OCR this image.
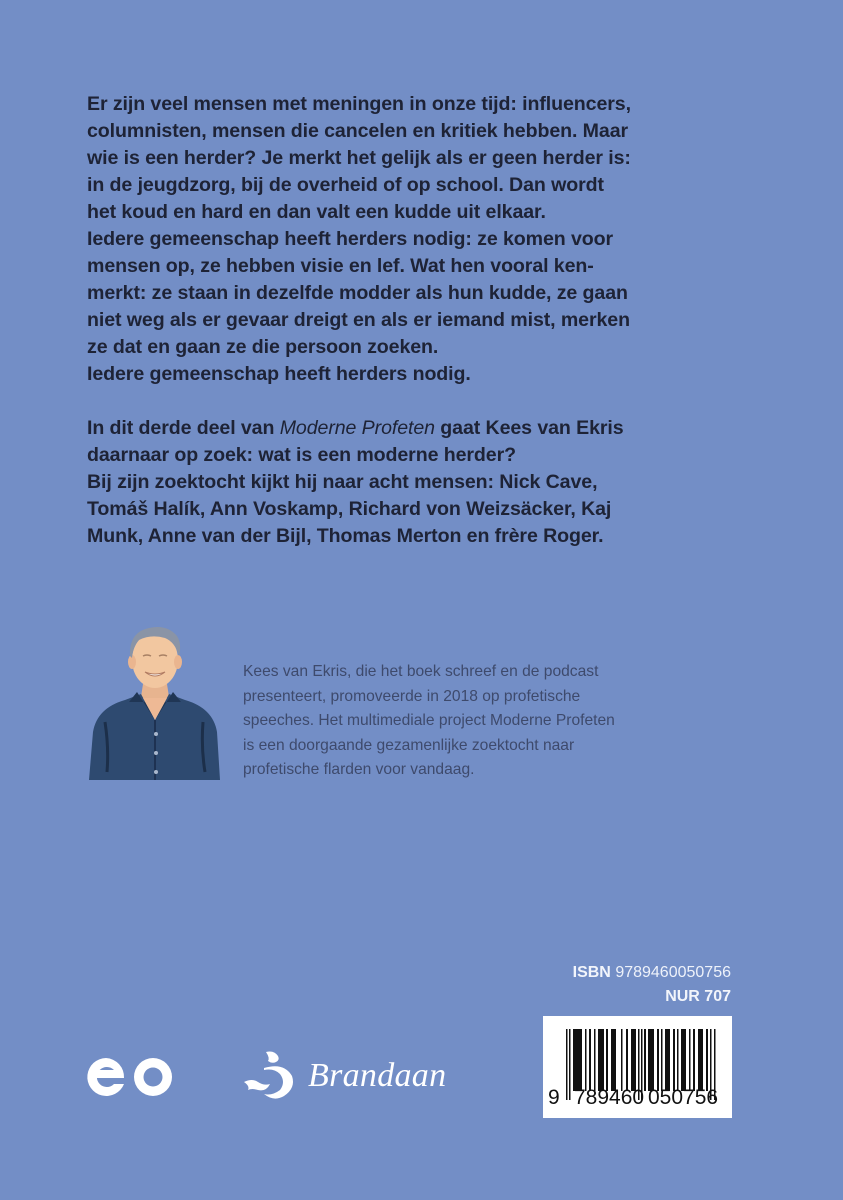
Er zijn veel mensen met meningen in onze tijd: influencers,

columnisten, mensen die cancelen en kritiek hebben. Maar

wie is een herder? Je merkt het gelijk als er geen herder is:

in de jeugdzorg, bij de overheid of op school. Dan wordt

het koud en hard en dan valt een kudde uit elkaar.

Iedere gemeenschap heeft herders nodig: ze komen voor

mensen op, ze hebben visie en lef. Wat hen vooral ken-

merkt: ze staan in dezelfde modder als hun kudde, ze gaan

niet weg als er gevaar dreigt en als er iemand mist, merken

ze dat en gaan ze die persoon zoeken.

Iedere gemeenschap heeft herders nodig.

In dit derde deel van Moderne Profeten gaat Kees van Ekris

daarnaar op zoek: wat is een moderne herder?

Bij zijn zoektocht kijkt hij naar acht mensen: Nick Cave,

Tomáš Halík, Ann Voskamp, Richard von Weizsäcker, Kaj

Munk, Anne van der Bijl, Thomas Merton en frère Roger.

Kees van Ekris, die het boek schreef en de podcast

presenteert, promoveerde in 2018 op profetische

speeches. Het multimediale project Moderne Profeten

is een doorgaande gezamenlijke zoektocht naar

profetische flarden voor vandaag.

ISBN 9789460050756
NUR 707
9 789460 050756
Brandaan
